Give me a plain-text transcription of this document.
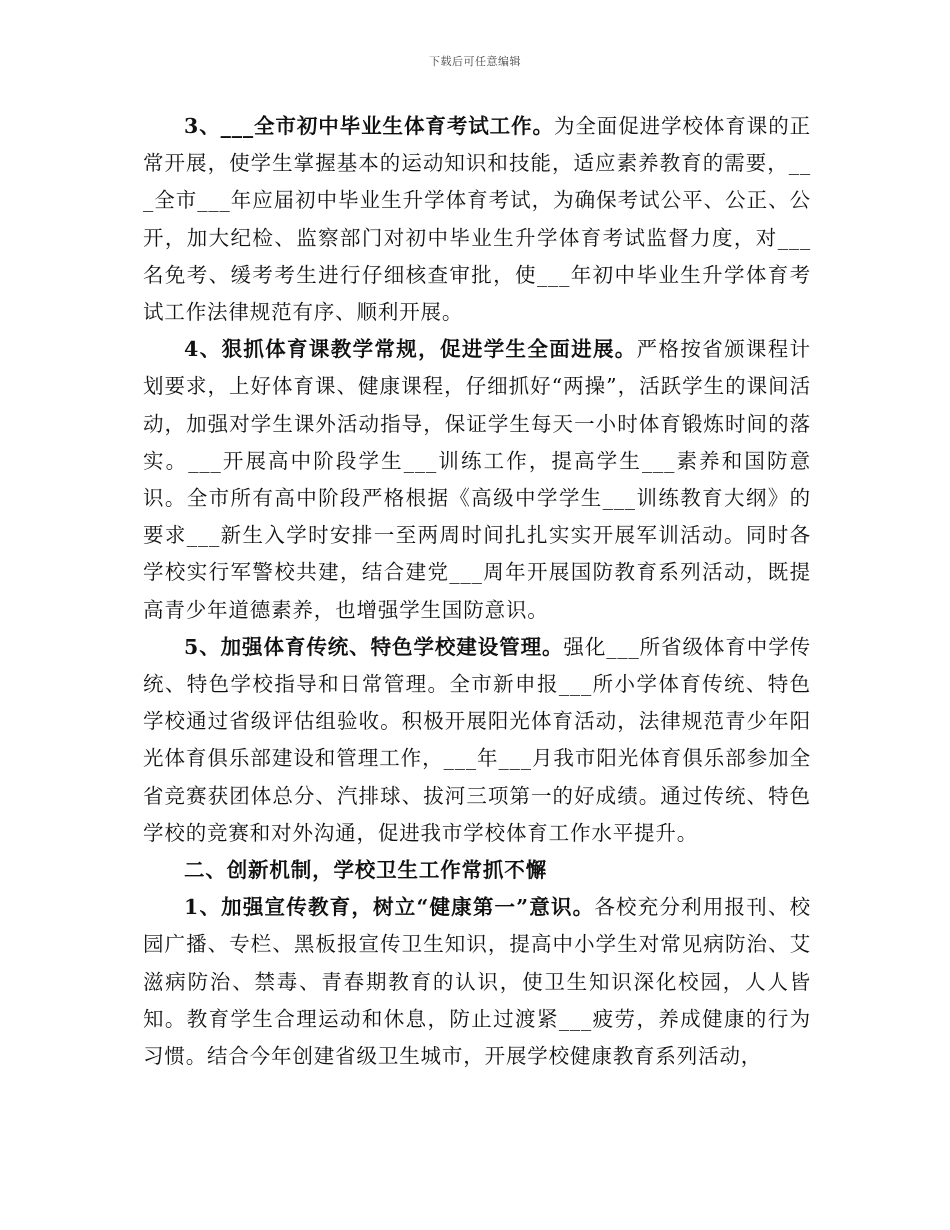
下载后可任意编辑

3、___全市初中毕业生体育考试工作。为全面促进学校体育课的正常开展，使学生掌握基本的运动知识和技能，适应素养教育的需要，___全市___年应届初中毕业生升学体育考试，为确保考试公平、公正、公开，加大纪检、监察部门对初中毕业生升学体育考试监督力度，对___名免考、缓考考生进行仔细核查审批，使___年初中毕业生升学体育考试工作法律规范有序、顺利开展。

4、狠抓体育课教学常规，促进学生全面进展。严格按省颁课程计划要求，上好体育课、健康课程，仔细抓好“两操”，活跃学生的课间活动，加强对学生课外活动指导，保证学生每天一小时体育锻炼时间的落实。___开展高中阶段学生___训练工作，提高学生___素养和国防意识。全市所有高中阶段严格根据《高级中学学生___训练教育大纲》的要求___新生入学时安排一至两周时间扎扎实实开展军训活动。同时各学校实行军警校共建，结合建党___周年开展国防教育系列活动，既提高青少年道德素养，也增强学生国防意识。

5、加强体育传统、特色学校建设管理。强化___所省级体育中学传统、特色学校指导和日常管理。全市新申报___所小学体育传统、特色学校通过省级评估组验收。积极开展阳光体育活动，法律规范青少年阳光体育俱乐部建设和管理工作，___年___月我市阳光体育俱乐部参加全省竞赛获团体总分、汽排球、拔河三项第一的好成绩。通过传统、特色学校的竞赛和对外沟通，促进我市学校体育工作水平提升。

二、创新机制，学校卫生工作常抓不懈

1、加强宣传教育，树立“健康第一”意识。各校充分利用报刊、校园广播、专栏、黑板报宣传卫生知识，提高中小学生对常见病防治、艾滋病防治、禁毒、青春期教育的认识，使卫生知识深化校园，人人皆知。教育学生合理运动和休息，防止过渡紧___疲劳，养成健康的行为习惯。结合今年创建省级卫生城市，开展学校健康教育系列活动，
